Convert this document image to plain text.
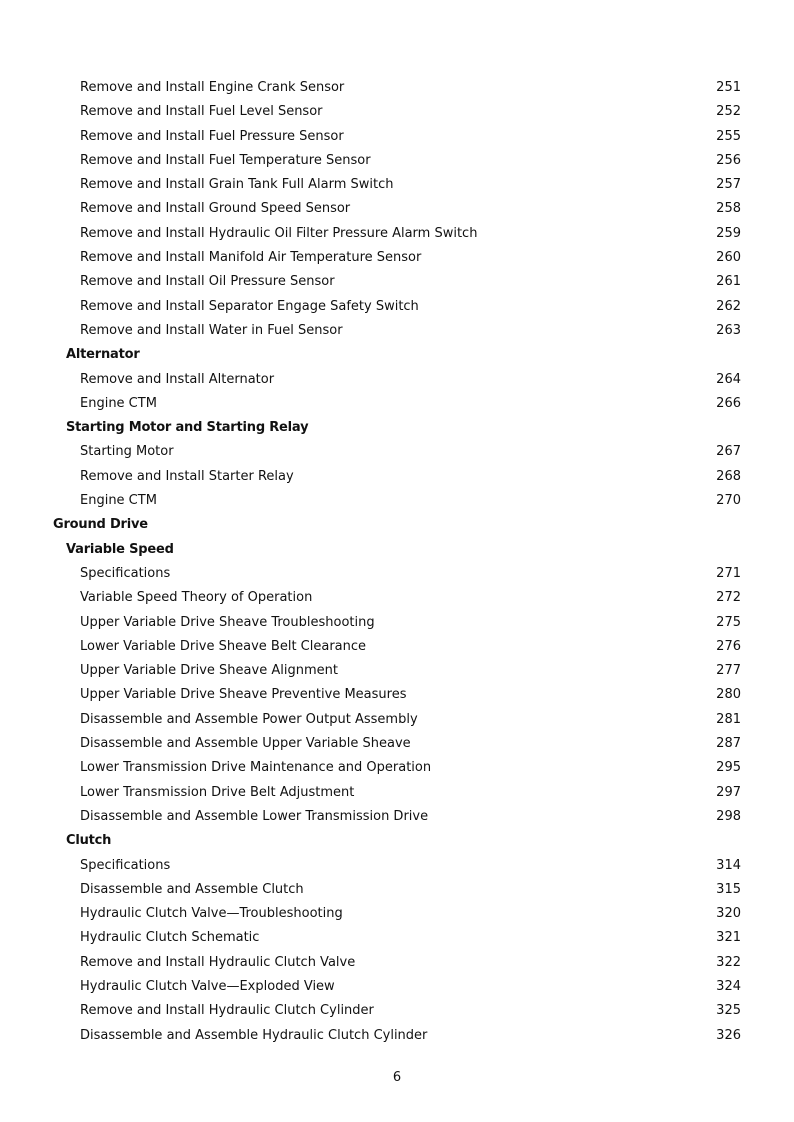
Remove and Install Engine Crank Sensor	251
Remove and Install Fuel Level Sensor	252
Remove and Install Fuel Pressure Sensor	255
Remove and Install Fuel Temperature Sensor	256
Remove and Install Grain Tank Full Alarm Switch	257
Remove and Install Ground Speed Sensor	258
Remove and Install Hydraulic Oil Filter Pressure Alarm Switch	259
Remove and Install Manifold Air Temperature Sensor	260
Remove and Install Oil Pressure Sensor	261
Remove and Install Separator Engage Safety Switch	262
Remove and Install Water in Fuel Sensor	263
Alternator
Remove and Install Alternator	264
Engine CTM	266
Starting Motor and Starting Relay
Starting Motor	267
Remove and Install Starter Relay	268
Engine CTM	270
Ground Drive
Variable Speed
Specifications	271
Variable Speed Theory of Operation	272
Upper Variable Drive Sheave Troubleshooting	275
Lower Variable Drive Sheave Belt Clearance	276
Upper Variable Drive Sheave Alignment	277
Upper Variable Drive Sheave Preventive Measures	280
Disassemble and Assemble Power Output Assembly	281
Disassemble and Assemble Upper Variable Sheave	287
Lower Transmission Drive Maintenance and Operation	295
Lower Transmission Drive Belt Adjustment	297
Disassemble and Assemble Lower Transmission Drive	298
Clutch
Specifications	314
Disassemble and Assemble Clutch	315
Hydraulic Clutch Valve—Troubleshooting	320
Hydraulic Clutch Schematic	321
Remove and Install Hydraulic Clutch Valve	322
Hydraulic Clutch Valve—Exploded View	324
Remove and Install Hydraulic Clutch Cylinder	325
Disassemble and Assemble Hydraulic Clutch Cylinder	326
6
